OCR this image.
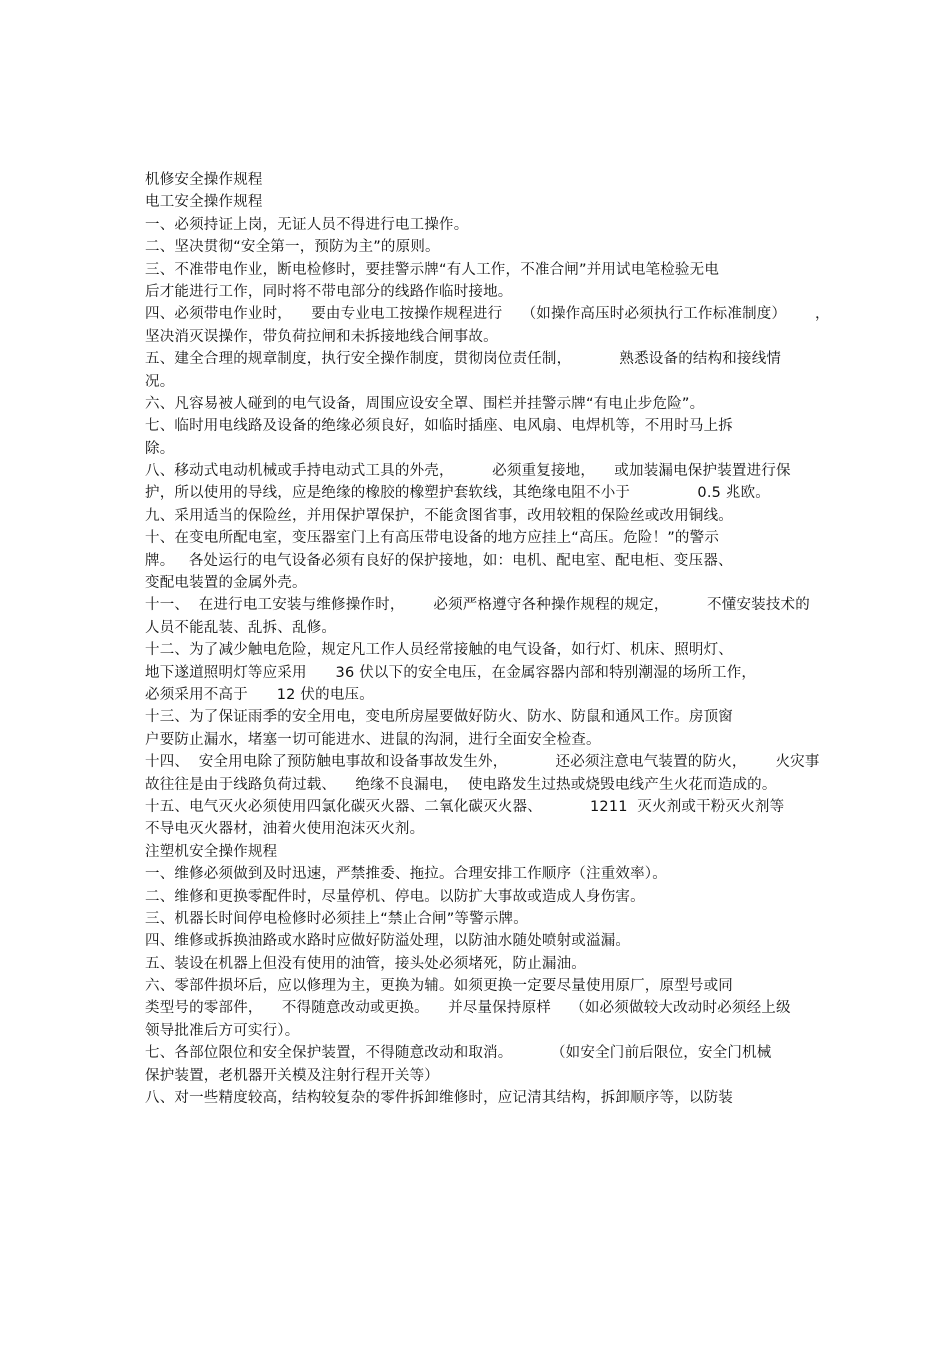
机修安全操作规程
电工安全操作规程
一、必须持证上岗，无证人员不得进行电工操作。
二、坚决贯彻“安全第一，预防为主”的原则。
三、不准带电作业，断电检修时，要挂警示牌“有人工作，不准合闸”并用试电笔检验无电
后才能进行工作，同时将不带电部分的线路作临时接地。
四、必须带电作业时，    要由专业电工按操作规程进行    （如操作高压时必须执行工作标准制度）      ，
坚决消灭误操作，带负荷拉闸和未拆接地线合闸事故。
五、建全合理的规章制度，执行安全操作制度，贯彻岗位责任制，          熟悉设备的结构和接线情
况。
六、凡容易被人碰到的电气设备，周围应设安全罩、围栏并挂警示牌“有电止步危险”。
七、临时用电线路及设备的绝缘必须良好，如临时插座、电风扇、电焊机等，不用时马上拆
除。
八、移动式电动机械或手持电动式工具的外壳，        必须重复接地，    或加装漏电保护装置进行保
护，所以使用的导线，应是绝缘的橡胶的橡塑护套软线，其绝缘电阻不小于              0.5 兆欧。
九、采用适当的保险丝，并用保护罩保护，不能贪图省事，改用较粗的保险丝或改用铜线。
十、在变电所配电室，变压器室门上有高压带电设备的地方应挂上“高压。危险！”的警示
牌。   各处运行的电气设备必须有良好的保护接地，如：电机、配电室、配电柜、变压器、
变配电装置的金属外壳。
十一、  在进行电工安装与维修操作时，      必须严格遵守各种操作规程的规定，        不懂安装技术的
人员不能乱装、乱拆、乱修。
十二、为了减少触电危险，规定凡工作人员经常接触的电气设备，如行灯、机床、照明灯、
地下遂道照明灯等应采用      36 伏以下的安全电压，在金属容器内部和特别潮湿的场所工作，
必须采用不高于      12 伏的电压。
十三、为了保证雨季的安全用电，变电所房屋要做好防火、防水、防鼠和通风工作。房顶窗
户要防止漏水，堵塞一切可能进水、进鼠的沟洞，进行全面安全检查。
十四、  安全用电除了预防触电事故和设备事故发生外，          还必须注意电气装置的防火，      火灾事
故往往是由于线路负荷过载、    绝缘不良漏电，  使电路发生过热或烧毁电线产生火花而造成的。
十五、电气灭火必须使用四氯化碳灭火器、二氧化碳灭火器、          1211  灭火剂或干粉灭火剂等
不导电灭火器材，油着火使用泡沫灭火剂。
注塑机安全操作规程
一、维修必须做到及时迅速，严禁推委、拖拉。合理安排工作顺序（注重效率）。
二、维修和更换零配件时，尽量停机、停电。以防扩大事故或造成人身伤害。
三、机器长时间停电检修时必须挂上“禁止合闸”等警示牌。
四、维修或拆换油路或水路时应做好防溢处理，以防油水随处喷射或溢漏。
五、装设在机器上但没有使用的油管，接头处必须堵死，防止漏油。
六、零部件损坏后，应以修理为主，更换为辅。如须更换一定要尽量使用原厂，原型号或同
类型号的零部件，    不得随意改动或更换。    并尽量保持原样    （如必须做较大改动时必须经上级
领导批准后方可实行）。
七、各部位限位和安全保护装置，不得随意改动和取消。        （如安全门前后限位，安全门机械
保护装置，老机器开关模及注射行程开关等）
八、对一些精度较高，结构较复杂的零件拆卸维修时，应记清其结构，拆卸顺序等，以防装
